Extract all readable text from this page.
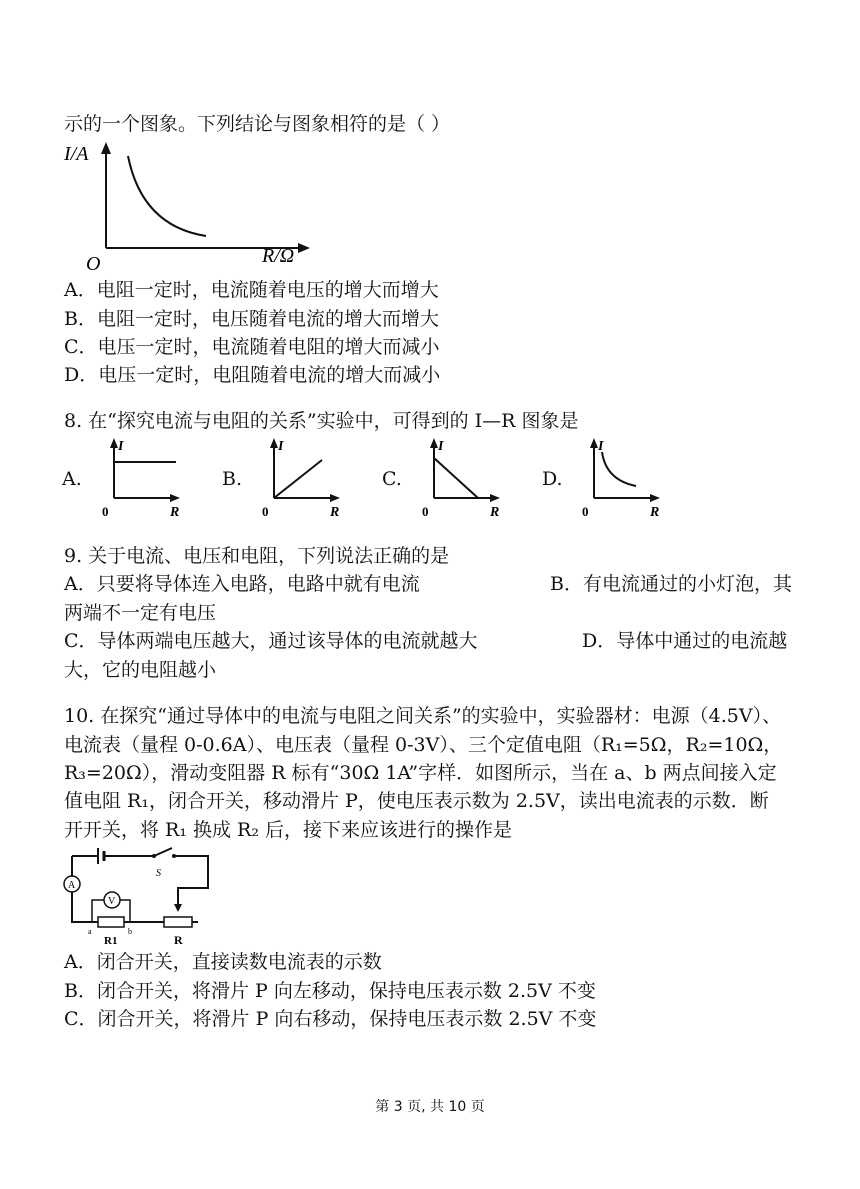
示的一个图象。下列结论与图象相符的是（ ）
I/A
R/Ω
O
A．电阻一定时，电流随着电压的增大而增大
B．电阻一定时，电压随着电流的增大而增大
C．电压一定时，电流随着电阻的增大而减小
D．电压一定时，电阻随着电流的增大而减小
8. 在“探究电流与电阻的关系”实验中，可得到的 I—R 图象是
A.
I
R
0
B.
I
R
0
C.
I
R
0
D.
I
R
0
9. 关于电流、电压和电阻，下列说法正确的是
A．只要将导体连入电路，电路中就有电流	B．有电流通过的小灯泡，其
两端不一定有电压
C．导体两端电压越大，通过该导体的电流就越大	D．导体中通过的电流越
大，它的电阻越小
10. 在探究“通过导体中的电流与电阻之间关系”的实验中，实验器材：电源（4.5V）、
电流表（量程 0-0.6A）、电压表（量程 0-3V）、三个定值电阻（R₁=5Ω，R₂=10Ω，
R₃=20Ω），滑动变阻器 R 标有“30Ω 1A”字样．如图所示，当在 a、b 两点间接入定
值电阻 R₁，闭合开关，移动滑片 P，使电压表示数为 2.5V，读出电流表的示数．断
开开关，将 R₁ 换成 R₂ 后，接下来应该进行的操作是
S
A
V
a	b
R1	R
A．闭合开关，直接读数电流表的示数
B．闭合开关，将滑片 P 向左移动，保持电压表示数 2.5V 不变
C．闭合开关，将滑片 P 向右移动，保持电压表示数 2.5V 不变
第 3 页, 共 10 页
